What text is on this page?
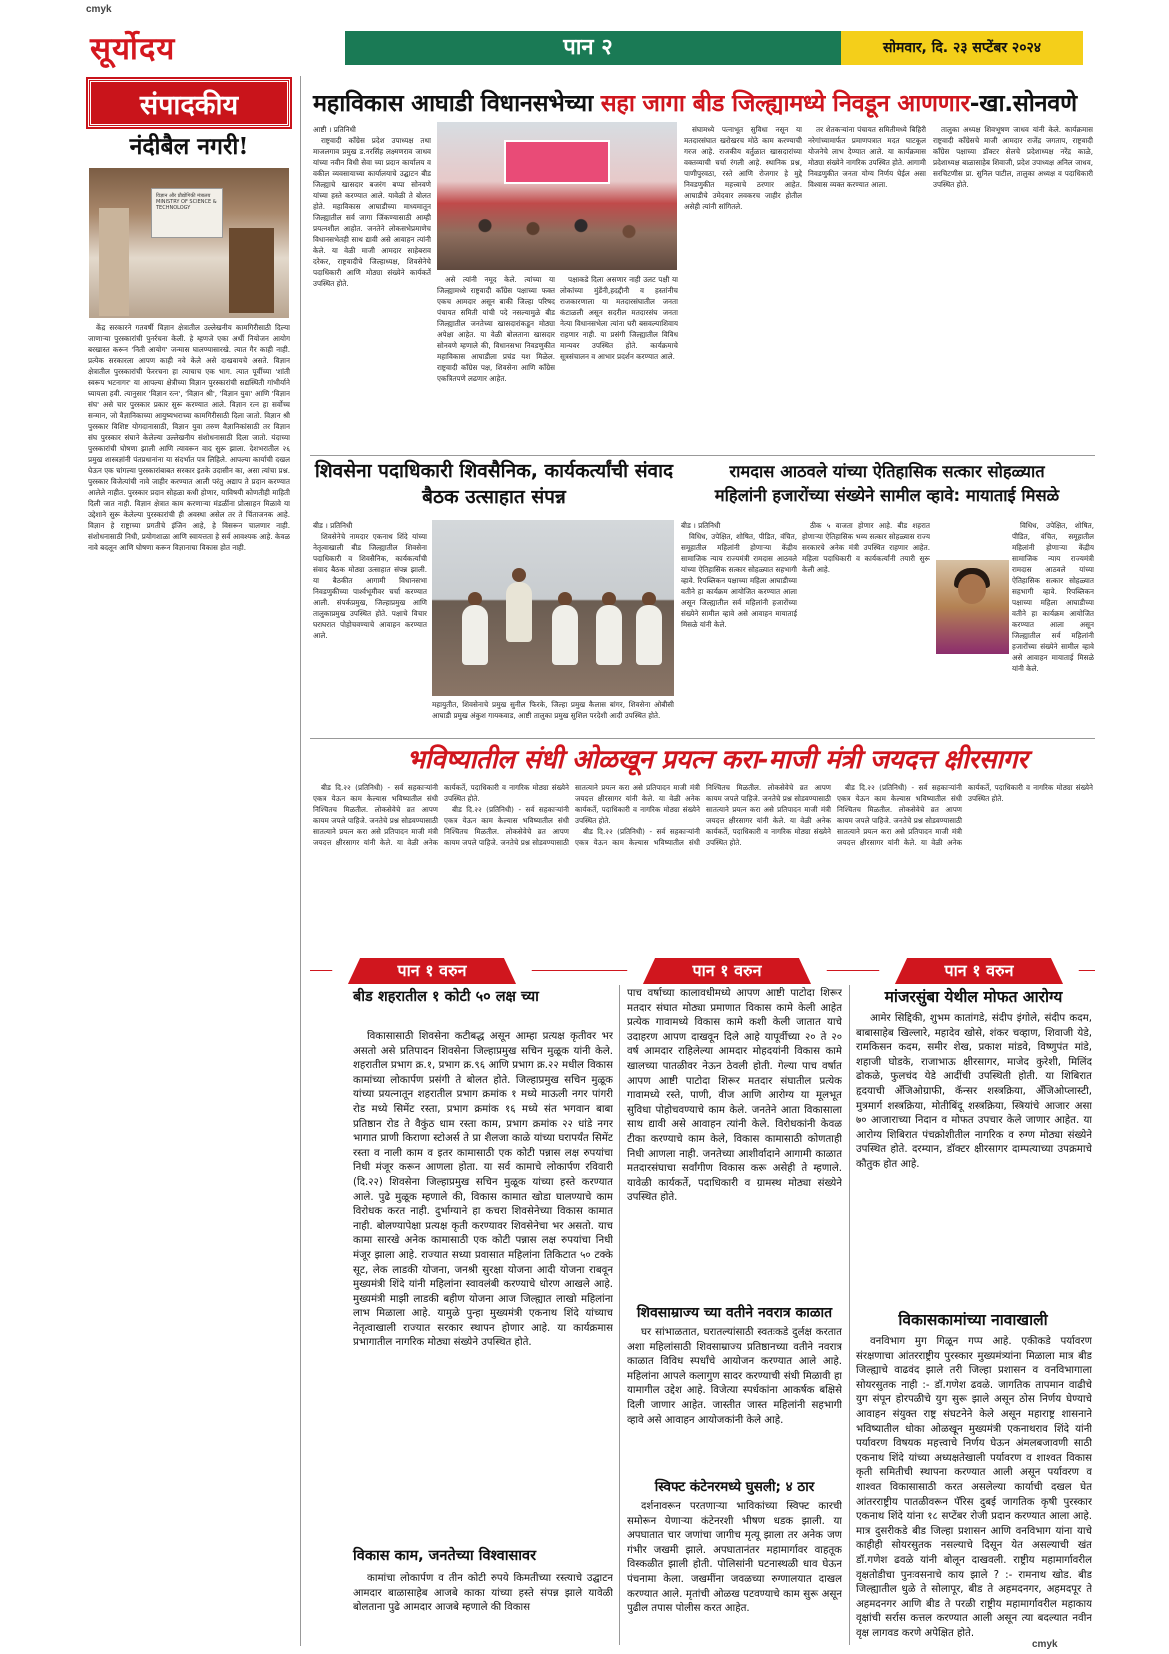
cmyk
cmyk
सूर्योदय	पान २	सोमवार, दि. २३ सप्टेंबर २०२४
संपादकीय
नंदीबैल नगरी!
विज्ञान और प्रौद्योगिकी मंत्रालय MINISTRY OF SCIENCE & TECHNOLOGY

केंद्र सरकारने गतवर्षी विज्ञान क्षेत्रातील उल्लेखनीय कामगिरीसाठी दिल्या जाणाऱ्या पुरस्कारांची पुनर्रचना केली. हे म्हणजे एका अर्थी नियोजन आयोग बरखास्त करून 'निती आयोग' जन्मास घालण्यासारखे. त्यात गैर काही नाही. प्रत्येक सरकारला आपण काही नवे केले असे दाखवायचे असते. विज्ञान क्षेत्रातील पुरस्कारांची फेररचना हा त्याचाच एक भाग. त्यात पूर्वीच्या 'शांती स्वरूप भटनागर' या आपल्या क्षेत्रीच्या विज्ञान पुरस्कारांची सद्यस्थिती गांभीर्याने घ्यायला हवी. त्यानुसार 'विज्ञान रत्न', 'विज्ञान श्री', 'विज्ञान युवा' आणि 'विज्ञान संघ' असे चार पुरस्कार प्रकार सुरू करण्यात आले. विज्ञान रत्न हा सर्वोच्च सन्मान, जो वैज्ञानिकाच्या आयुष्यभराच्या कामगिरीसाठी दिला जातो. विज्ञान श्री पुरस्कार विशिष्ट योगदानासाठी, विज्ञान युवा तरुण वैज्ञानिकांसाठी तर विज्ञान संघ पुरस्कार संघाने केलेल्या उल्लेखनीय संशोधनासाठी दिला जातो. यंदाच्या पुरस्कारांची घोषणा झाली आणि त्यावरून वाद सुरू झाला. देशभरातील २६ प्रमुख शास्त्रज्ञांनी पंतप्रधानांना या संदर्भात पत्र लिहिले. आपल्या कार्याची दखल घेऊन एक चांगल्या पुरस्कारांबाबत सरकार इतके उदासीन का, असा त्यांचा प्रश्न. पुरस्कार विजेत्यांची नावे जाहीर करण्यात आली परंतु अद्याप ते प्रदान करण्यात आलेले नाहीत. पुरस्कार प्रदान सोहळा कधी होणार, याविषयी कोणतीही माहिती दिली जात नाही. विज्ञान क्षेत्रात काम करणाऱ्या मंडळींना प्रोत्साहन मिळावे या उद्देशाने सुरू केलेल्या पुरस्कारांची ही अवस्था असेल तर ते चिंताजनक आहे. विज्ञान हे राष्ट्राच्या प्रगतीचे इंजिन आहे, हे विसरून चालणार नाही. संशोधनासाठी निधी, प्रयोगशाळा आणि स्वायत्तता हे सर्व आवश्यक आहे. केवळ नावे बदलून आणि घोषणा करून विज्ञानाचा विकास होत नाही.

महाविकास आघाडी विधानसभेच्या सहा जागा बीड जिल्ह्यामध्ये निवडून आणणार-खा.सोनवणे

आष्टी । प्रतिनिधी

राष्ट्रवादी काँग्रेस प्रदेश उपाध्यक्ष तथा माजलगाव प्रमुख ड.नरसिंह लक्ष्मणराव जाधव यांच्या नवीन विधी सेवा च्या प्रदान कार्यालय व वकील व्यवसायाच्या कार्यालयाचे उद्घाटन बीड जिल्ह्याचे खासदार बजरंग बप्पा सोनवणे यांच्या हस्ते करण्यात आले. यावेळी ते बोलत होते. महाविकास आघाडीच्या माध्यमातून जिल्ह्यातील सर्व जागा जिंकण्यासाठी आम्ही प्रयत्नशील आहोत. जनतेने लोकसभेप्रमाणेच विधानसभेतही साथ द्यावी असे आवाहन त्यांनी केले. या वेळी माजी आमदार साहेबराव दरेकर, राष्ट्रवादीचे जिल्हाध्यक्ष, शिवसेनेचे पदाधिकारी आणि मोठ्या संख्येने कार्यकर्ते उपस्थित होते.	असे त्यांनी नमूद केले. त्यांच्या या जिल्ह्यामध्ये राष्ट्रवादी काँग्रेस पक्षाच्या फक्त एकच आमदार असून बाकी जिल्हा परिषद पंचायत समिती यांची पदे नसल्यामुळे बीड जिल्ह्यातील जनतेच्या खासदारांकडून मोठ्या अपेक्षा आहेत. या वेळी बोलताना खासदार सोनवणे म्हणाले की, विधानसभा निवडणुकीत महाविकास आघाडीला प्रचंड यश मिळेल. राष्ट्रवादी काँग्रेस पक्ष, शिवसेना आणि काँग्रेस एकत्रितपणे लढणार आहेत.

पक्षाकडे दिला असणार नाही उलट पक्षी या लोकांच्या मुंडेंनी,हदद्दीनी व हस्तांनीच राजकारणाला या मतदारसंघातील जनता कंटाळली असून सदरील मतदारसंघ जनता नेत्या विधानसभेला त्यांना घरी बसवल्याशिवाय राहणार नाही. या प्रसंगी जिल्ह्यातील विविध मान्यवर उपस्थित होते. कार्यक्रमाचे सूत्रसंचालन व आभार प्रदर्शन करण्यात आले.

संघामध्ये पत्नाभूत सुविधा नसून या मतदारसंघात खरोखरच मोठे काम करण्याची गरज आहे. राजकीय वर्तुळात खासदारांच्या वक्तव्याची चर्चा रंगली आहे. स्थानिक प्रश्न, पाणीपुरवठा, रस्ते आणि रोजगार हे मुद्दे निवडणुकीत महत्त्वाचे ठरणार आहेत. आघाडीचे उमेदवार लवकरच जाहीर होतील असेही त्यांनी सांगितले.

तर शेतकऱ्यांना पंचायत समितीमध्ये बिहिरी नरेगांच्यामार्फत प्रमाणपत्रात मदत घाटकूल योजनेचे लाभ देण्यात आले. या कार्यक्रमास मोठ्या संख्येने नागरिक उपस्थित होते. आगामी निवडणुकीत जनता योग्य निर्णय घेईल असा विश्वास व्यक्त करण्यात आला.

तालुका अध्यक्ष शिवभूषण जाधव यांनी केले. कार्यक्रमास राष्ट्रवादी काँग्रेसचे माजी आमदार राजेंद्र जगताप, राष्ट्रवादी काँग्रेस पक्षाच्या डॉक्टर सेलचे प्रदेशाध्यक्ष नरेंद्र काळे, प्रदेशाध्यक्ष बाळासाहेब शिवाजी, प्रदेश उपाध्यक्ष अनिल जाधव, सरचिटणीस प्रा. सुनिल पाटील, तालुका अध्यक्ष व पदाधिकारी उपस्थित होते.

शिवसेना पदाधिकारी शिवसैनिक, कार्यकर्त्यांची संवाद बैठक उत्साहात संपन्न

बीड । प्रतिनिधी

शिवसेनेचे नामदार एकनाथ शिंदे यांच्या नेतृत्वाखाली बीड जिल्ह्यातील शिवसेना पदाधिकारी व शिवसैनिक, कार्यकर्त्यांची संवाद बैठक मोठ्या उत्साहात संपन्न झाली. या बैठकीत आगामी विधानसभा निवडणुकीच्या पार्श्वभूमीवर चर्चा करण्यात आली. संपर्कप्रमुख, जिल्हाप्रमुख आणि तालुकाप्रमुख उपस्थित होते. पक्षाचे विचार घराघरात पोहोचवण्याचे आवाहन करण्यात आले.

महायुतीत, शिवसेनाचे प्रमुख सुनील फिरके, जिल्हा प्रमुख कैलास बांगर, शिवसेना ओबीसी आघाडी प्रमुख अंकुश गायकवाड, आष्टी तालुका प्रमुख सुशिल परदेशी आदी उपस्थित होते.

रामदास आठवले यांच्या ऐतिहासिक सत्कार सोहळ्यात
महिलांनी हजारोंच्या संख्येने सामील व्हावे: मायाताई मिसळे

बीड । प्रतिनिधी

विधिध, उपेक्षित, शोषित, पीडित, वंचित, समूहातील महिलांनी होणाऱ्या केंद्रीय सामाजिक न्याय राज्यमंत्री रामदास आठवले यांच्या ऐतिहासिक सत्कार सोहळ्यात सहभागी व्हावे. रिपब्लिकन पक्षाच्या महिला आघाडीच्या वतीने हा कार्यक्रम आयोजित करण्यात आला असून जिल्ह्यातील सर्व महिलांनी हजारोंच्या संख्येने सामील व्हावे असे आवाहन मायाताई मिसळे यांनी केले.

ठीक ५ वाजता होणार आहे. बीड शहरात होणाऱ्या ऐतिहासिक भव्य सत्कार सोहळ्यास राज्य सरकारचे अनेक मंत्री उपस्थित राहणार आहेत. महिला पदाधिकारी व कार्यकर्त्यांनी तयारी सुरू केली आहे.

विधिध, उपेक्षित, शोषित, पीडित, वंचित, समूहातील महिलांनी होणाऱ्या केंद्रीय सामाजिक न्याय राज्यमंत्री रामदास आठवले यांच्या ऐतिहासिक सत्कार सोहळ्यात सहभागी व्हावे. रिपब्लिकन पक्षाच्या महिला आघाडीच्या वतीने हा कार्यक्रम आयोजित करण्यात आला असून जिल्ह्यातील सर्व महिलांनी हजारोंच्या संख्येने सामील व्हावे असे आवाहन मायाताई मिसळे यांनी केले.

भविष्यातील संधी ओळखून प्रयत्न करा-माजी मंत्री जयदत्त क्षीरसागर

बीड दि.२२ (प्रतिनिधी) - सर्व सहकाऱ्यांनी एकत्र येऊन काम केल्यास भविष्यातील संधी निश्चितच मिळतील. लोकसेवेचे व्रत आपण कायम जपले पाहिजे. जनतेचे प्रश्न सोडवण्यासाठी सातत्याने प्रयत्न करा असे प्रतिपादन माजी मंत्री जयदत्त क्षीरसागर यांनी केले. या वेळी अनेक कार्यकर्ते, पदाधिकारी व नागरिक मोठ्या संख्येने उपस्थित होते.

बीड दि.२२ (प्रतिनिधी) - सर्व सहकाऱ्यांनी एकत्र येऊन काम केल्यास भविष्यातील संधी निश्चितच मिळतील. लोकसेवेचे व्रत आपण कायम जपले पाहिजे. जनतेचे प्रश्न सोडवण्यासाठी सातत्याने प्रयत्न करा असे प्रतिपादन माजी मंत्री जयदत्त क्षीरसागर यांनी केले. या वेळी अनेक कार्यकर्ते, पदाधिकारी व नागरिक मोठ्या संख्येने उपस्थित होते.

बीड दि.२२ (प्रतिनिधी) - सर्व सहकाऱ्यांनी एकत्र येऊन काम केल्यास भविष्यातील संधी निश्चितच मिळतील. लोकसेवेचे व्रत आपण कायम जपले पाहिजे. जनतेचे प्रश्न सोडवण्यासाठी सातत्याने प्रयत्न करा असे प्रतिपादन माजी मंत्री जयदत्त क्षीरसागर यांनी केले. या वेळी अनेक कार्यकर्ते, पदाधिकारी व नागरिक मोठ्या संख्येने उपस्थित होते.

बीड दि.२२ (प्रतिनिधी) - सर्व सहकाऱ्यांनी एकत्र येऊन काम केल्यास भविष्यातील संधी निश्चितच मिळतील. लोकसेवेचे व्रत आपण कायम जपले पाहिजे. जनतेचे प्रश्न सोडवण्यासाठी सातत्याने प्रयत्न करा असे प्रतिपादन माजी मंत्री जयदत्त क्षीरसागर यांनी केले. या वेळी अनेक कार्यकर्ते, पदाधिकारी व नागरिक मोठ्या संख्येने उपस्थित होते.

पान १ वरुन	पान १ वरुन	पान १ वरुन
बीड शहरातील १ कोटी ५० लक्ष च्या

विकासासाठी शिवसेना कटीबद्ध असून आम्हा प्रत्यक्ष कृतीवर भर असतो असे प्रतिपादन शिवसेना जिल्हाप्रमुख सचिन मुळूक यांनी केले. शहरातील प्रभाग क्र.१, प्रभाग क्र.९६ आणि प्रभाग क्र.२२ मधील विकास कामांच्या लोकार्पण प्रसंगी ते बोलत होते. जिल्हाप्रमुख सचिन मुळूक यांच्या प्रयत्नातून शहरातील प्रभाग क्रमांक १ मध्ये माऊली नगर पांगरी रोड मध्ये सिमेंट रस्ता, प्रभाग क्रमांक १६ मध्ये संत भगवान बाबा प्रतिष्ठान रोड ते वैकुंठ धाम रस्ता काम, प्रभाग क्रमांक २२ धांडे नगर भागात प्राणी किराणा स्टोअर्स ते प्रा शैलजा काळे यांच्या घरापर्यंत सिमेंट रस्ता व नाली काम व इतर कामासाठी एक कोटी पन्नास लक्ष रुपयांचा निधी मंजूर करून आणला होता. या सर्व कामाचे लोकार्पण रविवारी (दि.२२) शिवसेना जिल्हाप्रमुख सचिन मुळूक यांच्या हस्ते करण्यात आले. पुढे मुळूक म्हणाले की, विकास कामात खोडा घालण्याचे काम विरोधक करत नाही. दुर्भाग्याने हा कचरा शिवसेनेच्या विकास कामात नाही. बोलण्यापेक्षा प्रत्यक्ष कृती करण्यावर शिवसेनेचा भर असतो. याच कामा सारखे अनेक कामासाठी एक कोटी पन्नास लक्ष रुपयांचा निधी मंजूर झाला आहे. राज्यात सध्या प्रवासात महिलांना तिकिटात ५० टक्के सूट, लेक लाडकी योजना, जनश्री सुरक्षा योजना आदी योजना राबवून मुख्यमंत्री शिंदे यांनी महिलांना स्वावलंबी करण्याचे धोरण आखले आहे. मुख्यमंत्री माझी लाडकी बहीण योजना आज जिल्ह्यात लाखो महिलांना लाभ मिळाला आहे. यामुळे पुन्हा मुख्यमंत्री एकनाथ शिंदे यांच्याच नेतृत्वाखाली राज्यात सरकार स्थापन होणार आहे. या कार्यक्रमास प्रभागातील नागरिक मोठ्या संख्येने उपस्थित होते.

विकास काम, जनतेच्या विश्वासावर

कामांचा लोकार्पण व तीन कोटी रुपये किमतीच्या रस्त्याचे उद्घाटन आमदार बाळासाहेब आजबे काका यांच्या हस्ते संपन्न झाले यावेळी बोलताना पुढे आमदार आजबे म्हणाले की विकास

पाच वर्षाच्या कालावधीमध्ये आपण आष्टी पाटोदा शिरूर मतदार संघात मोठ्या प्रमाणात विकास कामे केली आहेत प्रत्येक गावामध्ये विकास कामे कशी केली जातात याचे उदाहरण आपण दाखवून दिले आहे यापूर्वीच्या २० ते २० वर्ष आमदार राहिलेल्या आमदार मोहदयांनी विकास कामे खालच्या पातळीवर नेऊन ठेवली होती. गेल्या पाच वर्षात आपण आष्टी पाटोदा शिरूर मतदार संघातील प्रत्येक गावामध्ये रस्ते, पाणी, वीज आणि आरोग्य या मूलभूत सुविधा पोहोचवण्याचे काम केले. जनतेने आता विकासाला साथ द्यावी असे आवाहन त्यांनी केले. विरोधकांनी केवळ टीका करण्याचे काम केले, विकास कामासाठी कोणताही निधी आणला नाही. जनतेच्या आशीर्वादाने आगामी काळात मतदारसंघाचा सर्वांगीण विकास करू असेही ते म्हणाले. यावेळी कार्यकर्ते, पदाधिकारी व ग्रामस्थ मोठ्या संख्येने उपस्थित होते.

शिवसाम्राज्य च्या वतीने नवरात्र काळात

घर सांभाळतात, घरातल्यांसाठी स्वतःकडे दुर्लक्ष करतात अशा महिलांसाठी शिवसाम्राज्य प्रतिष्ठानच्या वतीने नवरात्र काळात विविध स्पर्धांचे आयोजन करण्यात आले आहे. महिलांना आपले कलागुण सादर करण्याची संधी मिळावी हा यामागील उद्देश आहे. विजेत्या स्पर्धकांना आकर्षक बक्षिसे दिली जाणार आहेत. जास्तीत जास्त महिलांनी सहभागी व्हावे असे आवाहन आयोजकांनी केले आहे.

स्विफ्ट कंटेनरमध्ये घुसली; ४ ठार

दर्शनावरून परतणाऱ्या भाविकांच्या स्विफ्ट कारची समोरून येणाऱ्या कंटेनरशी भीषण धडक झाली. या अपघातात चार जणांचा जागीच मृत्यू झाला तर अनेक जण गंभीर जखमी झाले. अपघातानंतर महामार्गावर वाहतूक विस्कळीत झाली होती. पोलिसांनी घटनास्थळी धाव घेऊन पंचनामा केला. जखमींना जवळच्या रुग्णालयात दाखल करण्यात आले. मृतांची ओळख पटवण्याचे काम सुरू असून पुढील तपास पोलीस करत आहेत.

मांजरसुंबा येथील मोफत आरोग्य

आमेर सिद्दिकी, शुभम कातांगडे, संदीप इंगोले, संदीप कदम, बाबासाहेब खिल्लारे, महादेव खोसे, शंकर चव्हाण, शिवाजी येडे, रामकिसन कदम, समीर शेख, प्रकाश मांडवे, विष्णुपंत मांडे, शहाजी घोडके, राजाभाऊ क्षीरसागर, माजेद कुरेशी, मिलिंद ढोकळे, फुलचंद येडे आदींची उपस्थिती होती. या शिबिरात हृदयाची अँजिओग्राफी, कॅन्सर शस्त्रक्रिया, अँजिओप्लास्टी, मुत्रमार्ग शस्त्रक्रिया, मोतीबिंदू शस्त्रक्रिया, स्त्रियांचे आजार असा ७० आजाराच्या निदान व मोफत उपचार केले जाणार आहेत. या आरोग्य शिबिरात पंचक्रोशीतील नागरिक व रुग्ण मोठ्या संख्येने उपस्थित होते. दरम्यान, डॉक्टर क्षीरसागर दाम्पत्याच्या उपक्रमाचे कौतुक होत आहे.

विकासकामांच्या नावाखाली

वनविभाग मुग गिळून गप्प आहे. एकीकडे पर्यावरण संरक्षणाचा आंतरराष्ट्रीय पुरस्कार मुख्यमंत्र्यांना मिळाला मात्र बीड जिल्ह्याचे वाढवंद झाले तरी जिल्हा प्रशासन व वनविभागाला सोयरसुतक नाही :- डॉ.गणेश ढवळे. जागतिक तापमान वाढीचे युग संपून होरपळीचे युग सुरू झाले असून ठोस निर्णय घेण्याचे आवाहन संयुक्त राष्ट्र संघटनेने केले असून महाराष्ट्र शासनाने भविष्यातील धोका ओळखून मुख्यमंत्री एकनाथराव शिंदे यांनी पर्यावरण विषयक महत्त्वाचे निर्णय घेऊन अंमलबजावणी साठी एकनाथ शिंदे यांच्या अध्यक्षतेखाली पर्यावरण व शाश्वत विकास कृती समितीची स्थापना करण्यात आली असून पर्यावरण व शाश्वत विकासासाठी करत असलेल्या कार्याची दखल घेत आंतरराष्ट्रीय पातळीवरून पॅरिस दुबई जागतिक कृषी पुरस्कार एकनाथ शिंदे यांना १८ सप्टेंबर रोजी प्रदान करण्यात आला आहे. मात्र दुसरीकडे बीड जिल्हा प्रशासन आणि वनविभाग यांना याचे काहीही सोयरसुतक नसल्याचे दिसून येत असल्याची खंत डॉ.गणेश ढवळे यांनी बोलून दाखवली. राष्ट्रीय महामार्गावरील वृक्षतोडीचा पुनःवसनाचे काय झाले ? :- रामनाथ खोड. बीड जिल्ह्यातील धुळे ते सोलापूर, बीड ते अहमदनगर, अहमदपूर ते अहमदनगर आणि बीड ते परळी राष्ट्रीय महामार्गावरील महाकाय वृक्षांची सर्रास कत्तल करण्यात आली असून त्या बदल्यात नवीन वृक्ष लागवड करणे अपेक्षित होते.
